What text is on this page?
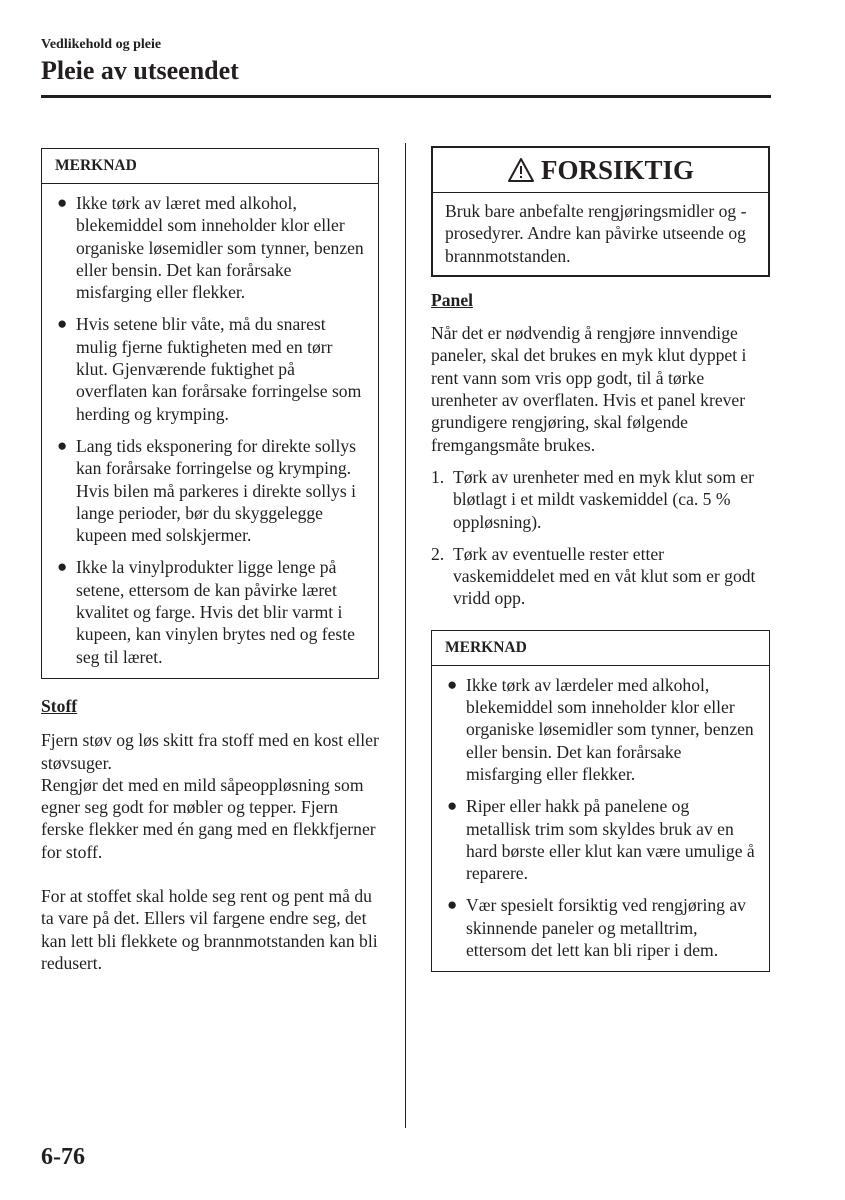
Vedlikehold og pleie
Pleie av utseendet
MERKNAD
● Ikke tørk av læret med alkohol, blekemiddel som inneholder klor eller organiske løsemidler som tynner, benzen eller bensin. Det kan forårsake misfarging eller flekker.
● Hvis setene blir våte, må du snarest mulig fjerne fuktigheten med en tørr klut. Gjenværende fuktighet på overflaten kan forårsake forringelse som herding og krymping.
● Lang tids eksponering for direkte sollys kan forårsake forringelse og krymping. Hvis bilen må parkeres i direkte sollys i lange perioder, bør du skyggelegge kupeen med solskjermer.
● Ikke la vinylprodukter ligge lenge på setene, ettersom de kan påvirke læret kvalitet og farge. Hvis det blir varmt i kupeen, kan vinylen brytes ned og feste seg til læret.

Stoff

Fjern støv og løs skitt fra stoff med en kost eller støvsuger.

Rengjør det med en mild såpeoppløsning som egner seg godt for møbler og tepper. Fjern ferske flekker med én gang med en flekkfjerner for stoff.

For at stoffet skal holde seg rent og pent må du ta vare på det. Ellers vil fargene endre seg, det kan lett bli flekkete og brannmotstanden kan bli redusert.

FORSIKTIG
Bruk bare anbefalte rengjøringsmidler og -prosedyrer. Andre kan påvirke utseende og brannmotstanden.

Panel

Når det er nødvendig å rengjøre innvendige paneler, skal det brukes en myk klut dyppet i rent vann som vris opp godt, til å tørke urenheter av overflaten. Hvis et panel krever grundigere rengjøring, skal følgende fremgangsmåte brukes.

1. Tørk av urenheter med en myk klut som er bløtlagt i et mildt vaskemiddel (ca. 5 % oppløsning).
2. Tørk av eventuelle rester etter vaskemiddelet med en våt klut som er godt vridd opp.
MERKNAD
● Ikke tørk av lærdeler med alkohol, blekemiddel som inneholder klor eller organiske løsemidler som tynner, benzen eller bensin. Det kan forårsake misfarging eller flekker.
● Riper eller hakk på panelene og metallisk trim som skyldes bruk av en hard børste eller klut kan være umulige å reparere.
● Vær spesielt forsiktig ved rengjøring av skinnende paneler og metalltrim, ettersom det lett kan bli riper i dem.
6-76
